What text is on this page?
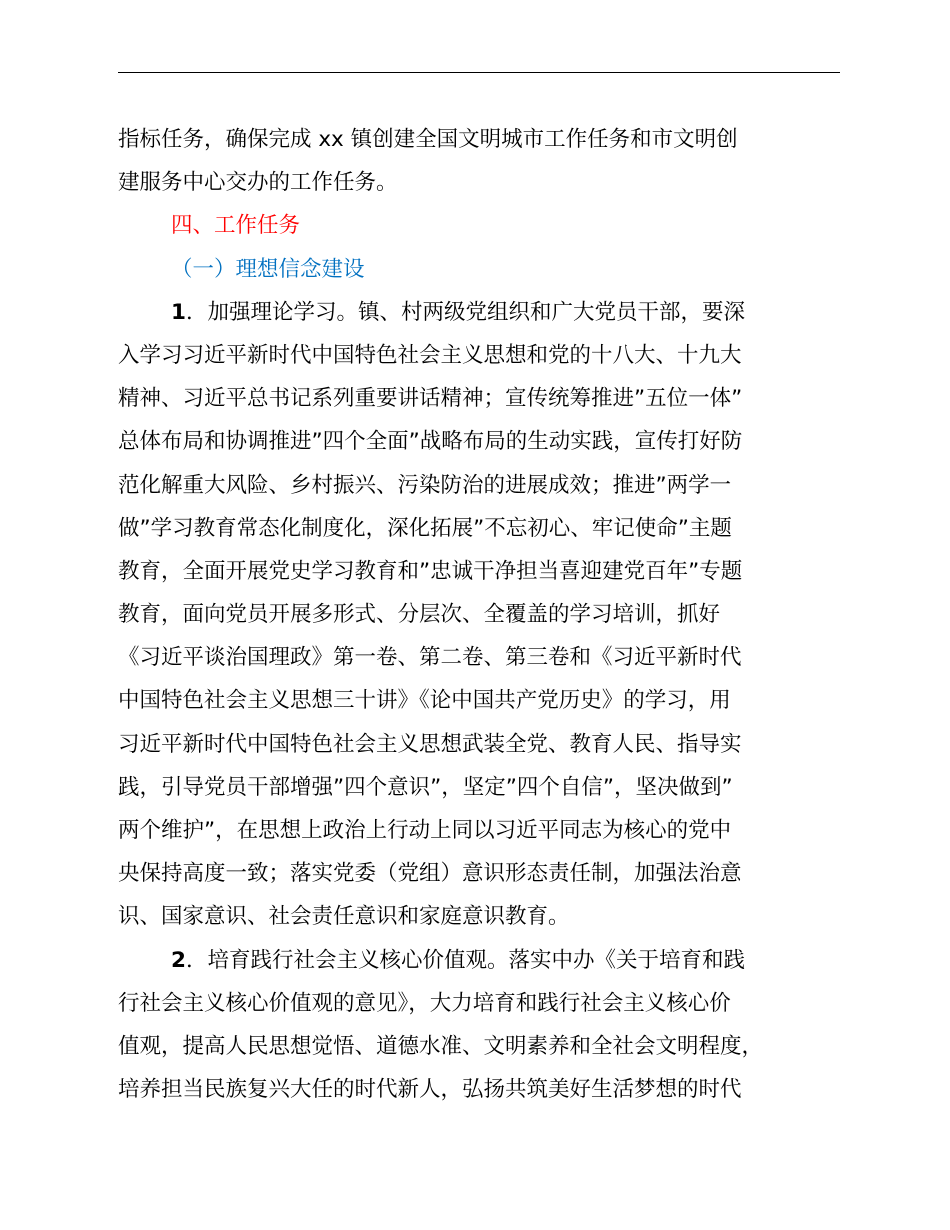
指标任务，确保完成 xx 镇创建全国文明城市工作任务和市文明创
建服务中心交办的工作任务。
四、工作任务
（一）理想信念建设
1．加强理论学习。镇、村两级党组织和广大党员干部，要深
入学习习近平新时代中国特色社会主义思想和党的十八大、十九大
精神、习近平总书记系列重要讲话精神；宣传统筹推进”五位一体”
总体布局和协调推进”四个全面”战略布局的生动实践，宣传打好防
范化解重大风险、乡村振兴、污染防治的进展成效；推进”两学一
做”学习教育常态化制度化，深化拓展”不忘初心、牢记使命”主题
教育，全面开展党史学习教育和”忠诚干净担当喜迎建党百年”专题
教育，面向党员开展多形式、分层次、全覆盖的学习培训，抓好
《习近平谈治国理政》第一卷、第二卷、第三卷和《习近平新时代
中国特色社会主义思想三十讲》《论中国共产党历史》的学习，用
习近平新时代中国特色社会主义思想武装全党、教育人民、指导实
践，引导党员干部增强”四个意识”，坚定”四个自信”，坚决做到”
两个维护”，在思想上政治上行动上同以习近平同志为核心的党中
央保持高度一致；落实党委（党组）意识形态责任制，加强法治意
识、国家意识、社会责任意识和家庭意识教育。
2．培育践行社会主义核心价值观。落实中办《关于培育和践
行社会主义核心价值观的意见》，大力培育和践行社会主义核心价
值观，提高人民思想觉悟、道德水准、文明素养和全社会文明程度，
培养担当民族复兴大任的时代新人，弘扬共筑美好生活梦想的时代
